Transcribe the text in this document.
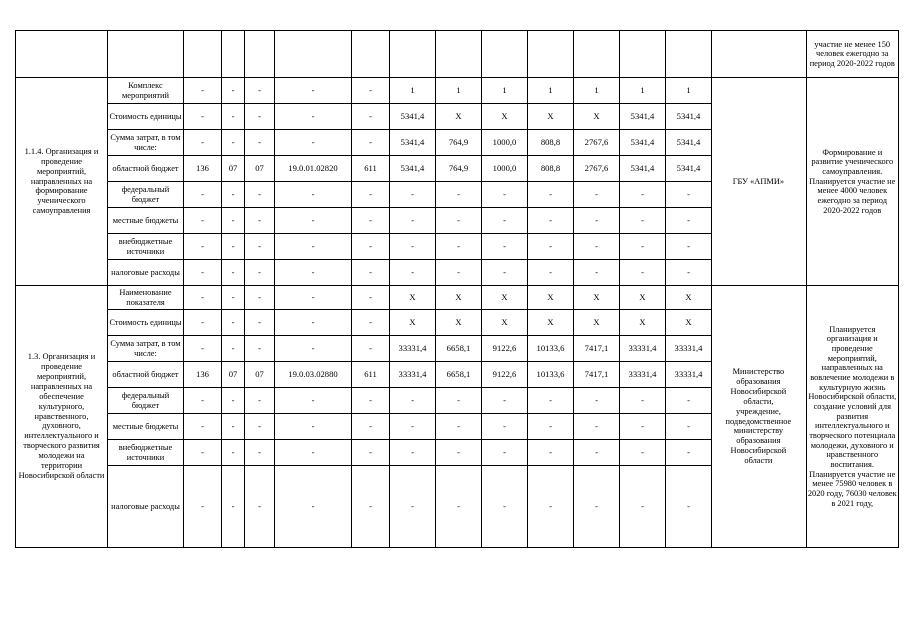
																	участие не менее 150 человек ежегодно за период 2020-2022 годов
1.1.4. Организация и проведение мероприятий, направленных на формирование ученического самоуправления	Комплекс мероприятий	-	-	-	-	-	1	1	1	1	1	1	1		ГБУ «АПМИ»		Формирование и развитие ученического самоуправления. Планируется участие не менее 4000 человек ежегодно за период 2020-2022 годов
	Стоимость единицы	-	-	-	-	-	5341,4	X	X	X	X	5341,4	5341,4				
	Сумма затрат, в том числе:	-	-	-	-	-	5341,4	764,9	1000,0	808,8	2767,6	5341,4	5341,4				
	областной бюджет	136	07	07	19.0.01.02820	611	5341,4	764,9	1000,0	808,8	2767,6	5341,4	5341,4				
	федеральный бюджет	-	-	-	-	-	-	-	-	-	-	-	-				
	местные бюджеты	-	-	-	-	-	-	-	-	-	-	-	-				
	внебюджетные источники	-	-	-	-	-	-	-	-	-	-	-	-				
	налоговые расходы	-	-	-	-	-	-	-	-	-	-	-	-				
1.3. Организация и проведение мероприятий, направленных на обеспечение культурного, нравственного, духовного, интеллектуального и творческого развития молодежи на территории Новосибирской области	Наименование показателя	-	-	-	-	-	X	X	X	X	X	X	X		Министерство образования Новосибирской области, учреждение, подведомственное министерству образования Новосибирской области		Планируется организация и проведение мероприятий, направленных на вовлечение молодежи в культурную жизнь Новосибирской области, создание условий для развития интеллектуального и творческого потенциала молодежи, духовного и нравственного воспитания. Планируется участие не менее 75980 человек в 2020 году, 76030 человек в 2021 году,
	Стоимость единицы	-	-	-	-	-	X	X	X	X	X	X	X				
	Сумма затрат, в том числе:	-	-	-	-	-	33331,4	6658,1	9122,6	10133,6	7417,1	33331,4	33331,4				
	областной бюджет	136	07	07	19.0.03.02880	611	33331,4	6658,1	9122,6	10133,6	7417,1	33331,4	33331,4				
	федеральный бюджет	-	-	-	-	-	-	-	-	-	-	-	-				
	местные бюджеты	-	-	-	-	-	-	-	-	-	-	-	-				
	внебюджетные источники	-	-	-	-	-	-	-	-	-	-	-	-				
	налоговые расходы	-	-	-	-	-	-	-	-	-	-	-	-				
